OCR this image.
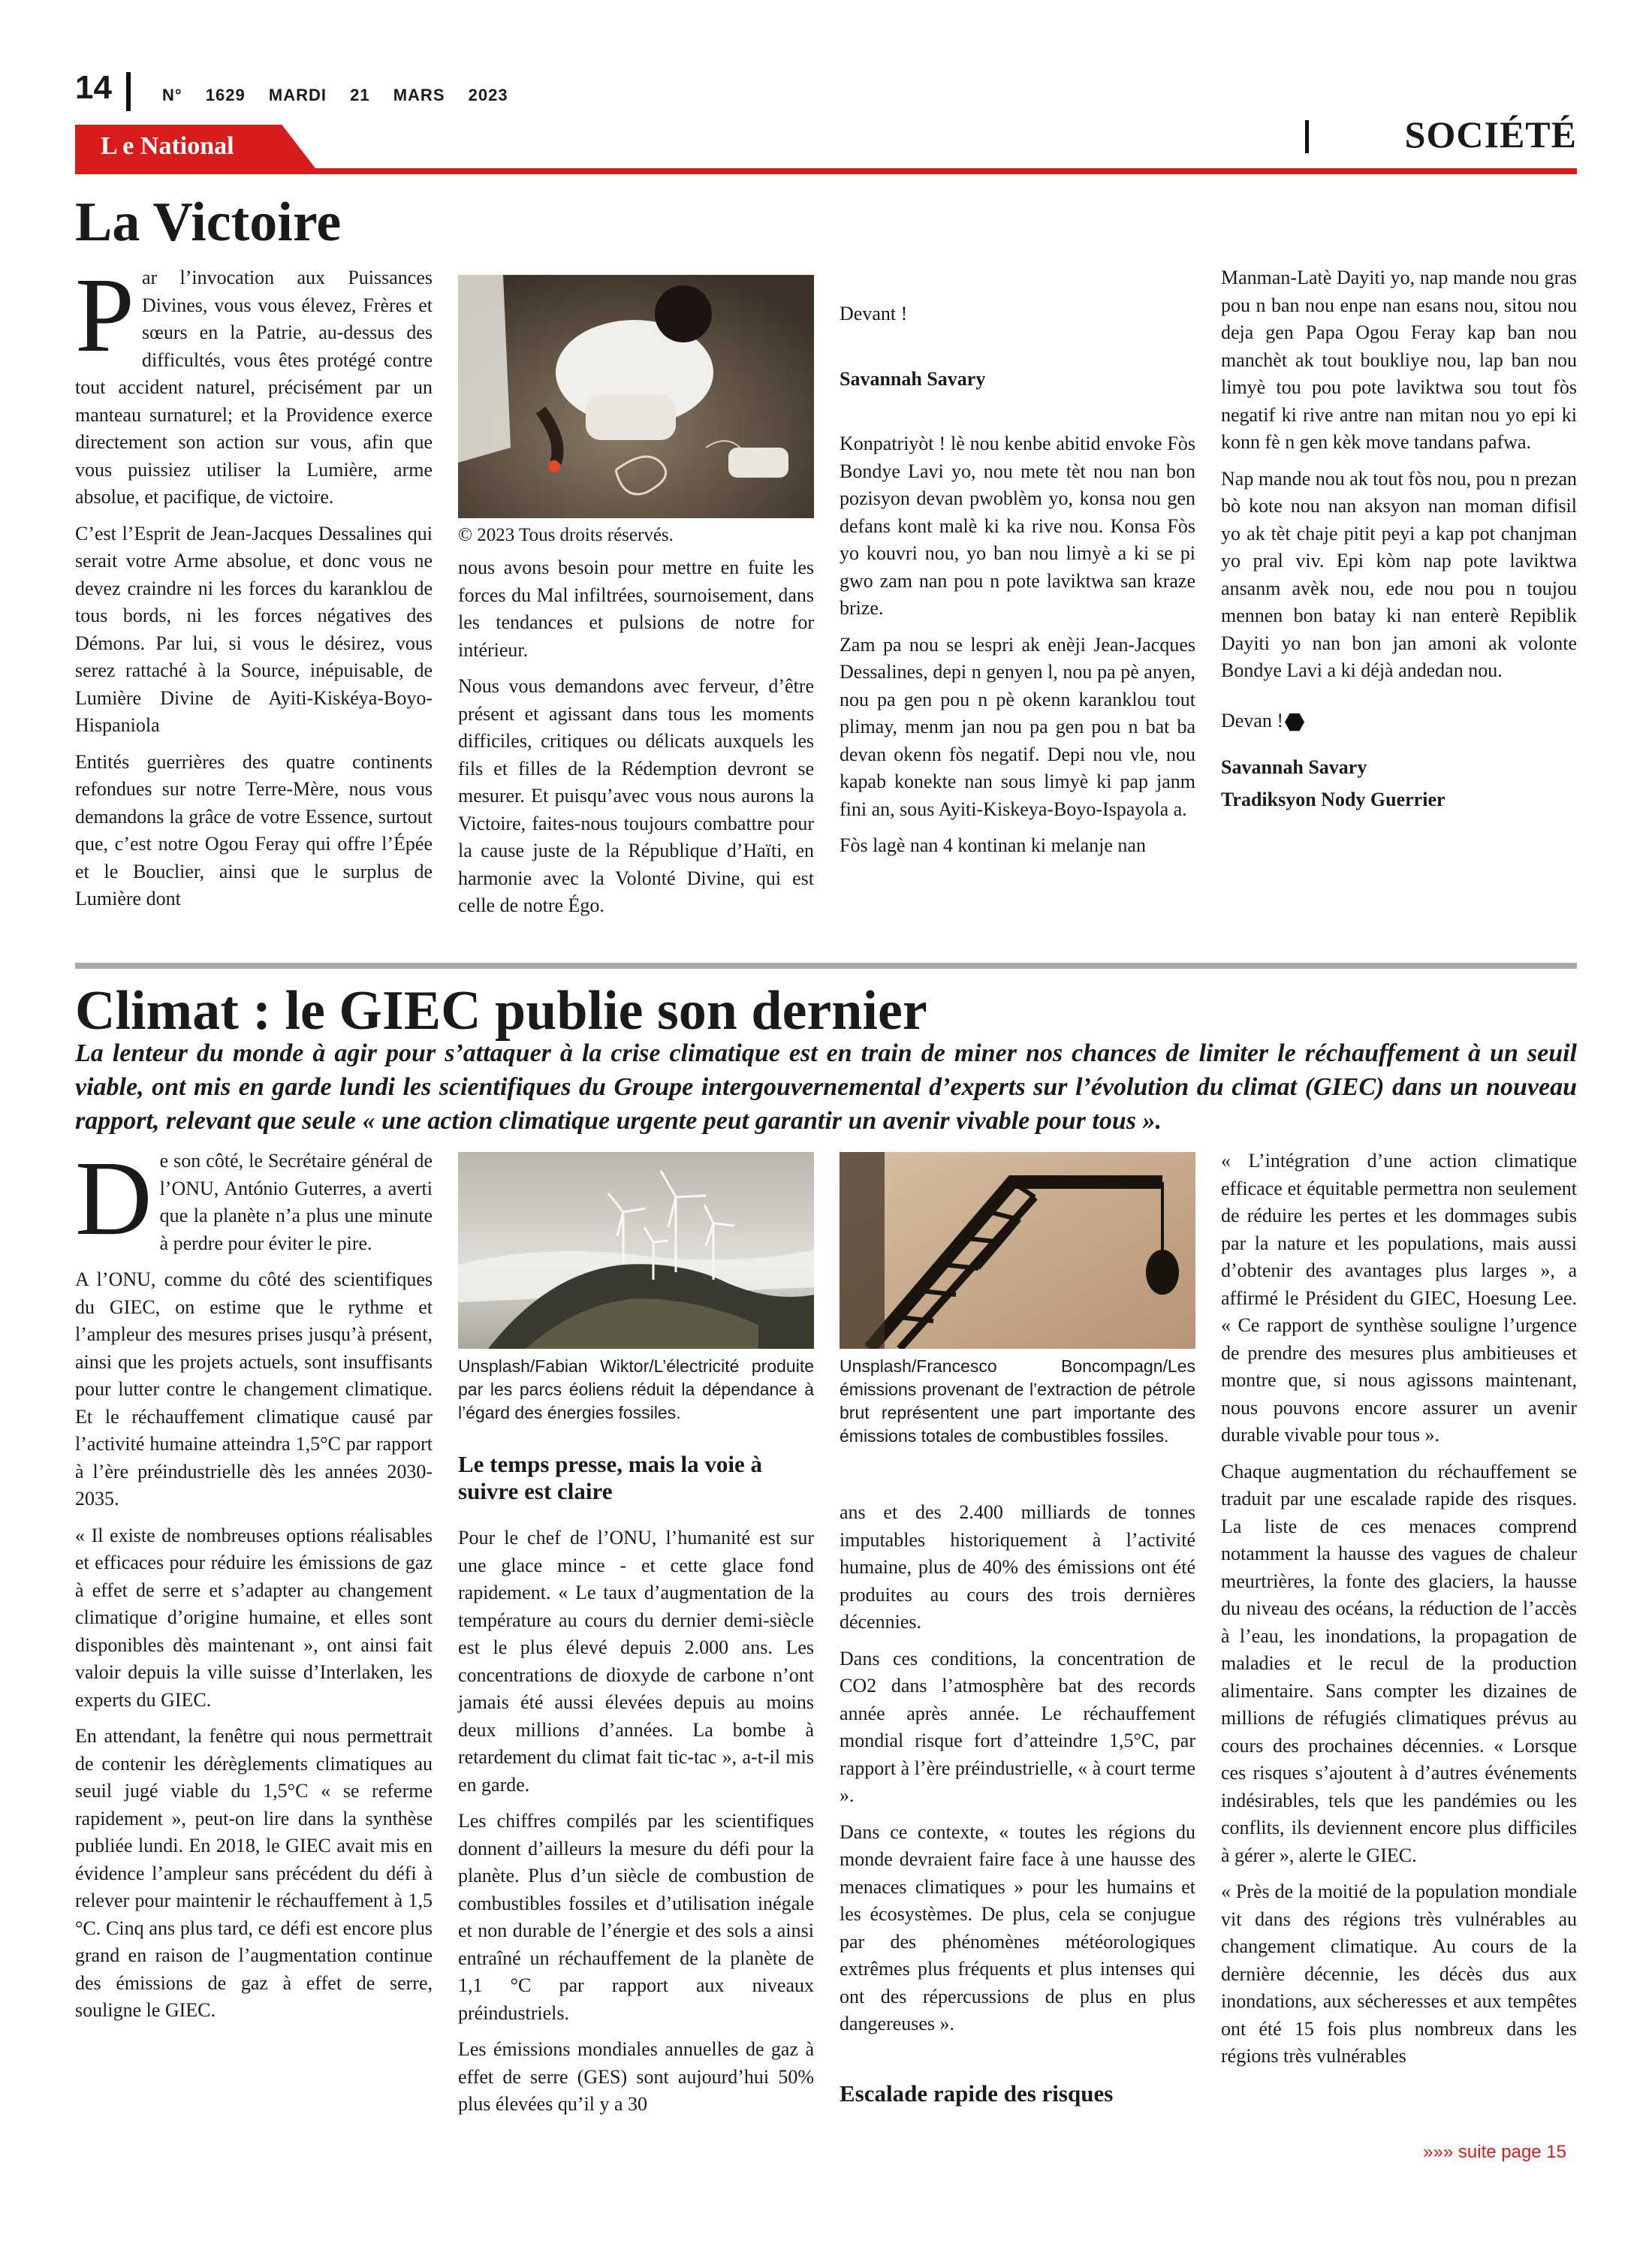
14	N° 1629 MARDI 21 MARS 2023
L e National	SOCIÉTÉ
La Victoire

Par l’invocation aux Puissances Divines, vous vous élevez, Frères et sœurs en la Patrie, au-dessus des difficultés, vous êtes protégé contre tout accident naturel, précisément par un manteau surnaturel; et la Providence exerce directement son action sur vous, afin que vous puissiez utiliser la Lumière, arme absolue, et pacifique, de victoire.

C’est l’Esprit de Jean-Jacques Dessalines qui serait votre Arme absolue, et donc vous ne devez craindre ni les forces du karanklou de tous bords, ni les forces négatives des Démons. Par lui, si vous le désirez, vous serez rattaché à la Source, inépuisable, de Lumière Divine de Ayiti-Kiskéya-Boyo-Hispaniola

Entités guerrières des quatre continents refondues sur notre Terre-Mère, nous vous demandons la grâce de votre Essence, surtout que, c’est notre Ogou Feray qui offre l’Épée et le Bouclier, ainsi que le surplus de Lumière dont

© 2023 Tous droits réservés.

nous avons besoin pour mettre en fuite les forces du Mal infiltrées, sournoisement, dans les tendances et pulsions de notre for intérieur.

Nous vous demandons avec ferveur, d’être présent et agissant dans tous les moments difficiles, critiques ou délicats auxquels les fils et filles de la Rédemption devront se mesurer. Et puisqu’avec vous nous aurons la Victoire, faites-nous toujours combattre pour la cause juste de la République d’Haïti, en harmonie avec la Volonté Divine, qui est celle de notre Égo.

Devant !

Savannah Savary

Konpatriyòt ! lè nou kenbe abitid envoke Fòs Bondye Lavi yo, nou mete tèt nou nan bon pozisyon devan pwoblèm yo, konsa nou gen defans kont malè ki ka rive nou. Konsa Fòs yo kouvri nou, yo ban nou limyè a ki se pi gwo zam nan pou n pote laviktwa san kraze brize.

Zam pa nou se lespri ak enèji Jean-Jacques Dessalines, depi n genyen l, nou pa pè anyen, nou pa gen pou n pè okenn karanklou tout plimay, menm jan nou pa gen pou n bat ba devan okenn fòs negatif. Depi nou vle, nou kapab konekte nan sous limyè ki pap janm fini an, sous Ayiti-Kiskeya-Boyo-Ispayola a.

Fòs lagè nan 4 kontinan ki melanje nan

Manman-Latè Dayiti yo, nap mande nou gras pou n ban nou enpe nan esans nou, sitou nou deja gen Papa Ogou Feray kap ban nou manchèt ak tout boukliye nou, lap ban nou limyè tou pou pote laviktwa sou tout fòs negatif ki rive antre nan mitan nou yo epi ki konn fè n gen kèk move tandans pafwa.

Nap mande nou ak tout fòs nou, pou n prezan bò kote nou nan aksyon nan moman difisil yo ak tèt chaje pitit peyi a kap pot chanjman yo pral viv. Epi kòm nap pote laviktwa ansanm avèk nou, ede nou pou n toujou mennen bon batay ki nan enterè Repiblik Dayiti yo nan bon jan amoni ak volonte Bondye Lavi a ki déjà andedan nou.

Devan !

Savannah Savary

Tradiksyon Nody Guerrier

Climat : le GIEC publie son dernier
La lenteur du monde à agir pour s’attaquer à la crise climatique est en train de miner nos chances de limiter le réchauffement à un seuil viable, ont mis en garde lundi les scientifiques du Groupe intergouvernemental d’experts sur l’évolution du climat (GIEC) dans un nouveau rapport, relevant que seule « une action climatique urgente peut garantir un avenir vivable pour tous ».

De son côté, le Secrétaire général de l’ONU, António Guterres, a averti que la planète n’a plus une minute à perdre pour éviter le pire.

A l’ONU, comme du côté des scientifiques du GIEC, on estime que le rythme et l’ampleur des mesures prises jusqu’à présent, ainsi que les projets actuels, sont insuffisants pour lutter contre le changement climatique. Et le réchauffement climatique causé par l’activité humaine atteindra 1,5°C par rapport à l’ère préindustrielle dès les années 2030-2035.

« Il existe de nombreuses options réalisables et efficaces pour réduire les émissions de gaz à effet de serre et s’adapter au changement climatique d’origine humaine, et elles sont disponibles dès maintenant », ont ainsi fait valoir depuis la ville suisse d’Interlaken, les experts du GIEC.

En attendant, la fenêtre qui nous permettrait de contenir les dérèglements climatiques au seuil jugé viable du 1,5°C « se referme rapidement », peut-on lire dans la synthèse publiée lundi. En 2018, le GIEC avait mis en évidence l’ampleur sans précédent du défi à relever pour maintenir le réchauffement à 1,5 °C. Cinq ans plus tard, ce défi est encore plus grand en raison de l’augmentation continue des émissions de gaz à effet de serre, souligne le GIEC.

Unsplash/Fabian Wiktor/L’électricité produite par les parcs éoliens réduit la dépendance à l’égard des énergies fossiles.
Le temps presse, mais la voie à suivre est claire

Pour le chef de l’ONU, l’humanité est sur une glace mince - et cette glace fond rapidement. « Le taux d’augmentation de la température au cours du dernier demi-siècle est le plus élevé depuis 2.000 ans. Les concentrations de dioxyde de carbone n’ont jamais été aussi élevées depuis au moins deux millions d’années. La bombe à retardement du climat fait tic-tac », a-t-il mis en garde.

Les chiffres compilés par les scientifiques donnent d’ailleurs la mesure du défi pour la planète. Plus d’un siècle de combustion de combustibles fossiles et d’utilisation inégale et non durable de l’énergie et des sols a ainsi entraîné un réchauffement de la planète de 1,1 °C par rapport aux niveaux préindustriels.

Les émissions mondiales annuelles de gaz à effet de serre (GES) sont aujourd’hui 50% plus élevées qu’il y a 30

Unsplash/Francesco Boncompagn/Les émissions provenant de l’extraction de pétrole brut représentent une part importante des émissions totales de combustibles fossiles.

ans et des 2.400 milliards de tonnes imputables historiquement à l’activité humaine, plus de 40% des émissions ont été produites au cours des trois dernières décennies.

Dans ces conditions, la concentration de CO2 dans l’atmosphère bat des records année après année. Le réchauffement mondial risque fort d’atteindre 1,5°C, par rapport à l’ère préindustrielle, « à court terme ».

Dans ce contexte, « toutes les régions du monde devraient faire face à une hausse des menaces climatiques » pour les humains et les écosystèmes. De plus, cela se conjugue par des phénomènes météorologiques extrêmes plus fréquents et plus intenses qui ont des répercussions de plus en plus dangereuses ».

Escalade rapide des risques

« L’intégration d’une action climatique efficace et équitable permettra non seulement de réduire les pertes et les dommages subis par la nature et les populations, mais aussi d’obtenir des avantages plus larges », a affirmé le Président du GIEC, Hoesung Lee. « Ce rapport de synthèse souligne l’urgence de prendre des mesures plus ambitieuses et montre que, si nous agissons maintenant, nous pouvons encore assurer un avenir durable vivable pour tous ».

Chaque augmentation du réchauffement se traduit par une escalade rapide des risques. La liste de ces menaces comprend notamment la hausse des vagues de chaleur meurtrières, la fonte des glaciers, la hausse du niveau des océans, la réduction de l’accès à l’eau, les inondations, la propagation de maladies et le recul de la production alimentaire. Sans compter les dizaines de millions de réfugiés climatiques prévus au cours des prochaines décennies. « Lorsque ces risques s’ajoutent à d’autres événements indésirables, tels que les pandémies ou les conflits, ils deviennent encore plus difficiles à gérer », alerte le GIEC.

« Près de la moitié de la population mondiale vit dans des régions très vulnérables au changement climatique. Au cours de la dernière décennie, les décès dus aux inondations, aux sécheresses et aux tempêtes ont été 15 fois plus nombreux dans les régions très vulnérables

»»» suite page 15
